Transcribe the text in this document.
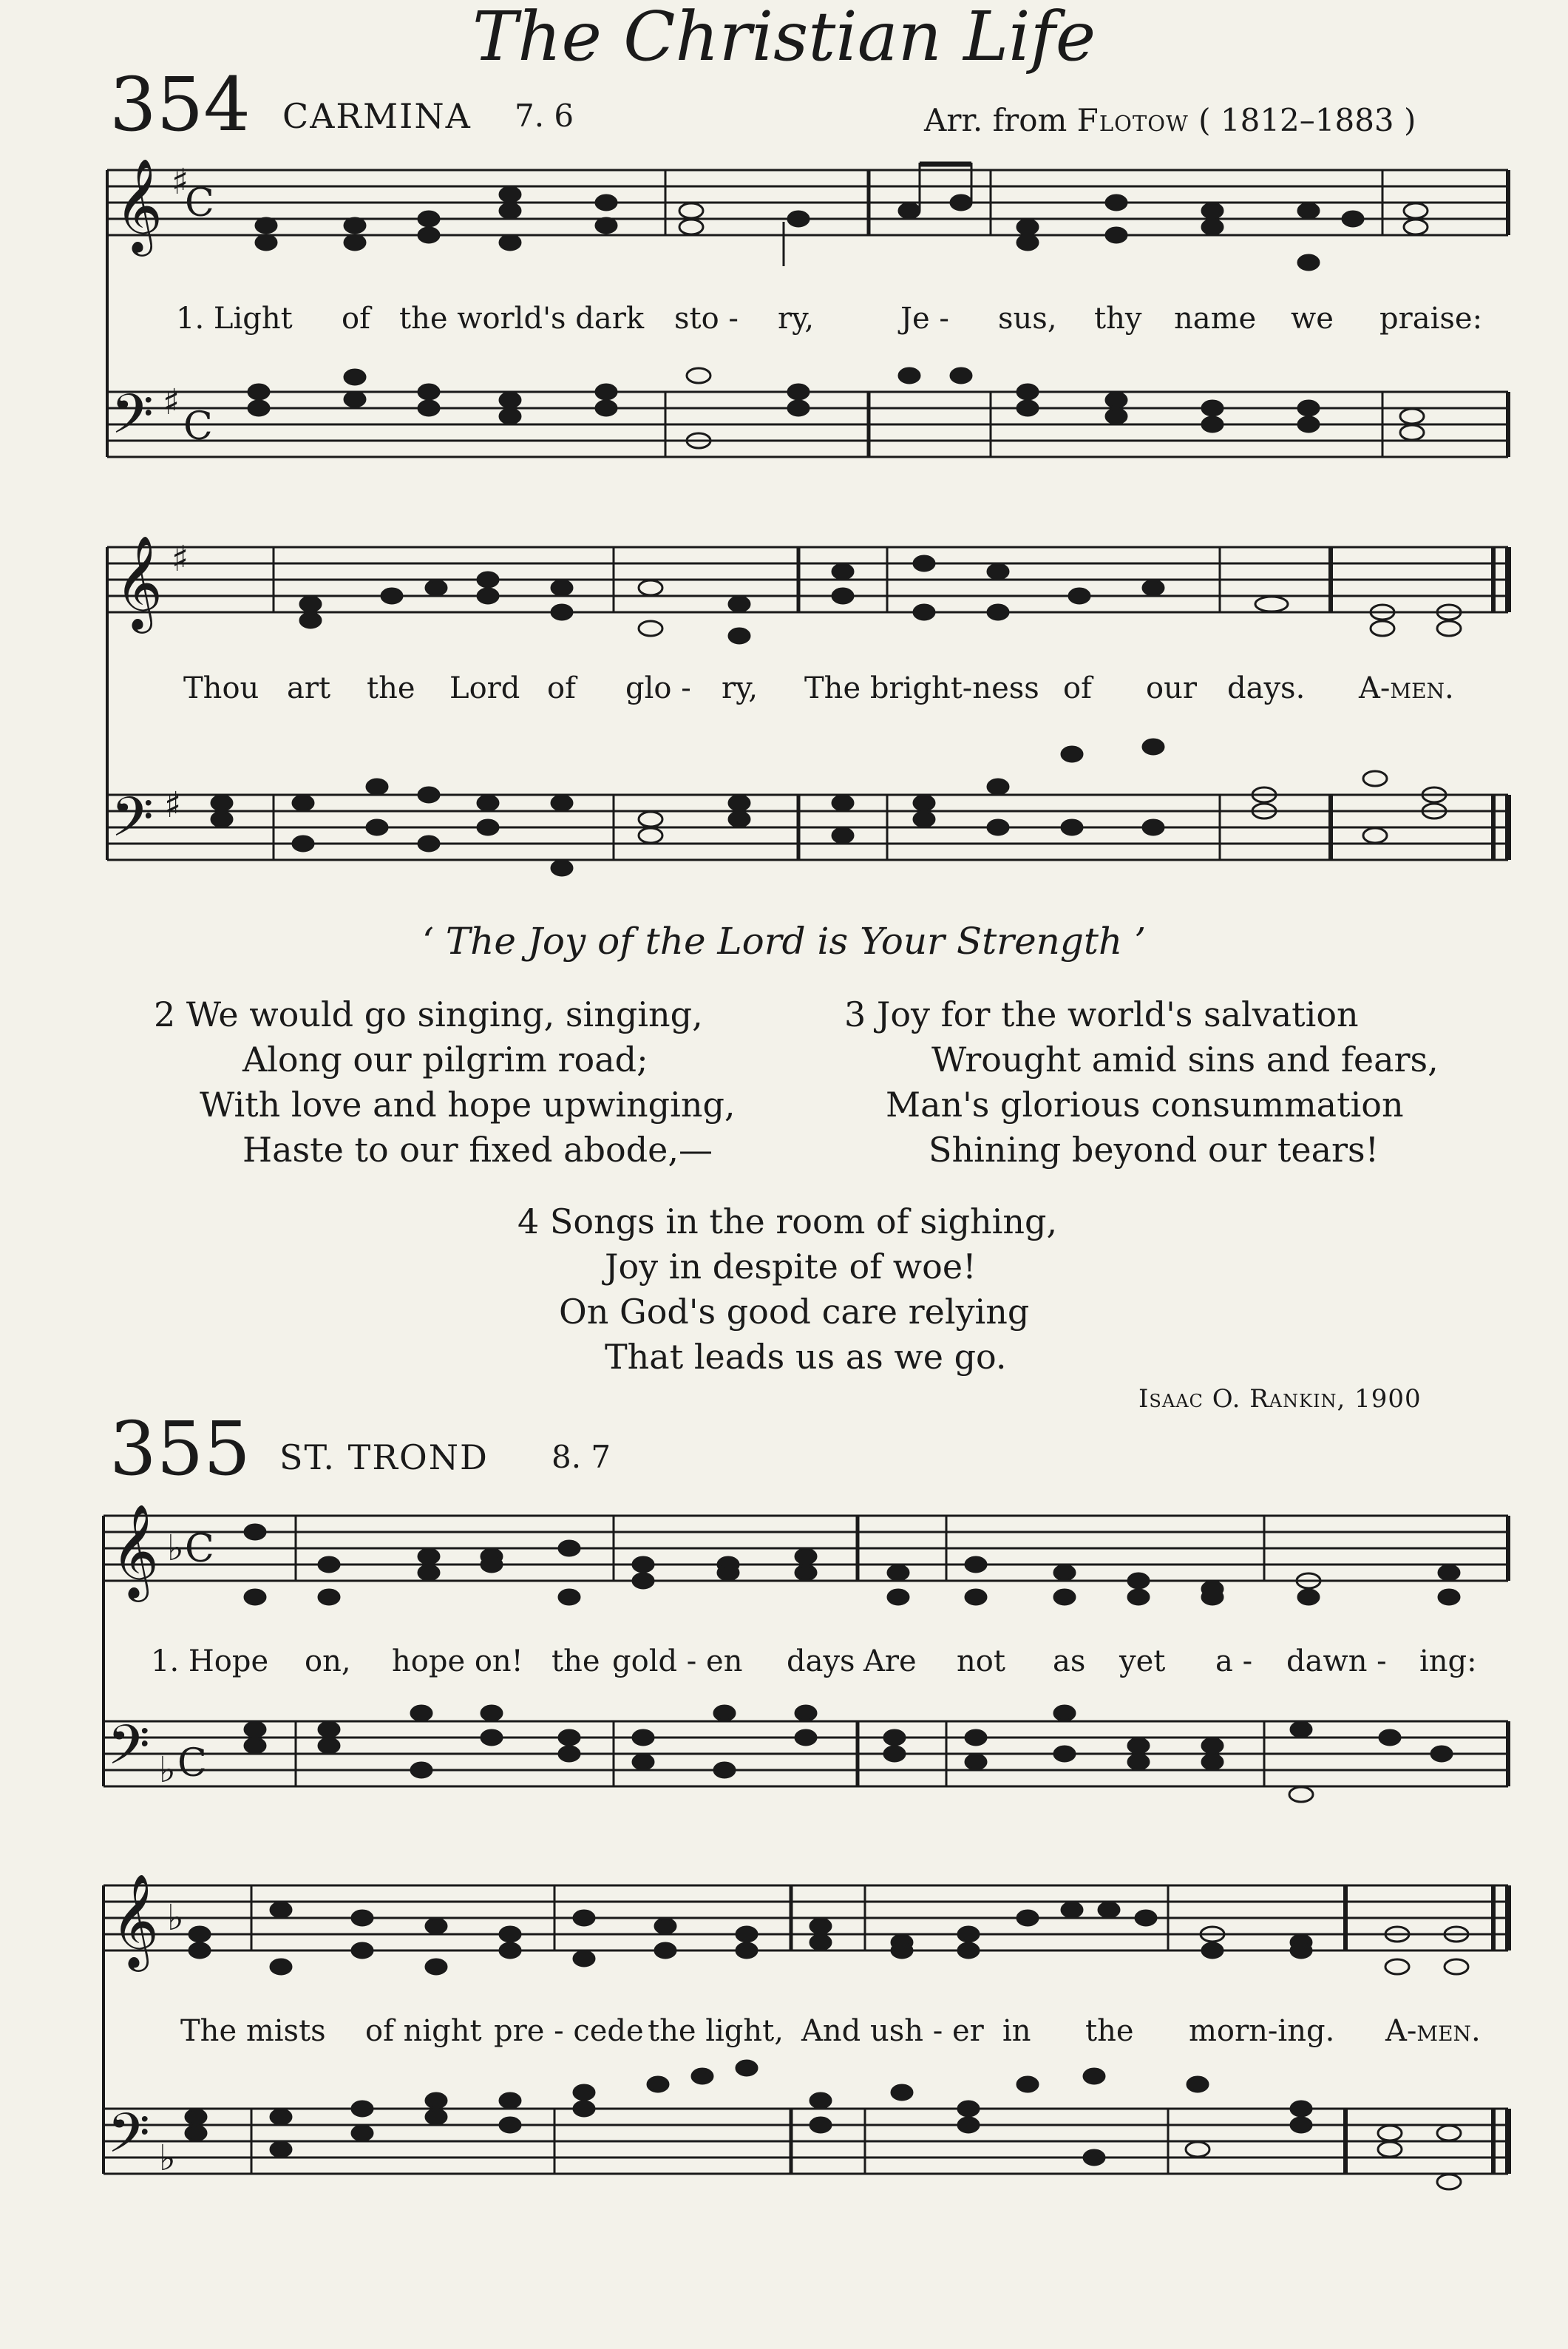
The Christian Life
354 CARMINA 7. 6	Arr. from Flotow ( 1812–1883 )
𝄞 ♯
C
𝄢 ♯
C
1. Light of the world's dark sto - ry,	Je - sus, thy name we praise:
𝄞 ♯
𝄢 ♯
Thou art the Lord of glo - ry, The bright-ness of our days. A-men.
‘ The Joy of the Lord is Your Strength ’
2 We would go singing, singing,
Along our pilgrim road;
With love and hope upwinging,
Haste to our fixed abode,—
3 Joy for the world's salvation
Wrought amid sins and fears,
Man's glorious consummation
Shining beyond our tears!
4 Songs in the room of sighing,
Joy in despite of woe!
On God's good care relying
That leads us as we go.
Isaac O. Rankin, 1900
355 ST. TROND 8. 7
𝄞 ♭ C
𝄢 ♭ C
1. Hope on, hope on! the gold - en days Are not as yet a - dawn - ing:
𝄞 ♭
𝄢 ♭
The mists of night pre - cede the light, And ush - er in the morn-ing. A-men.
